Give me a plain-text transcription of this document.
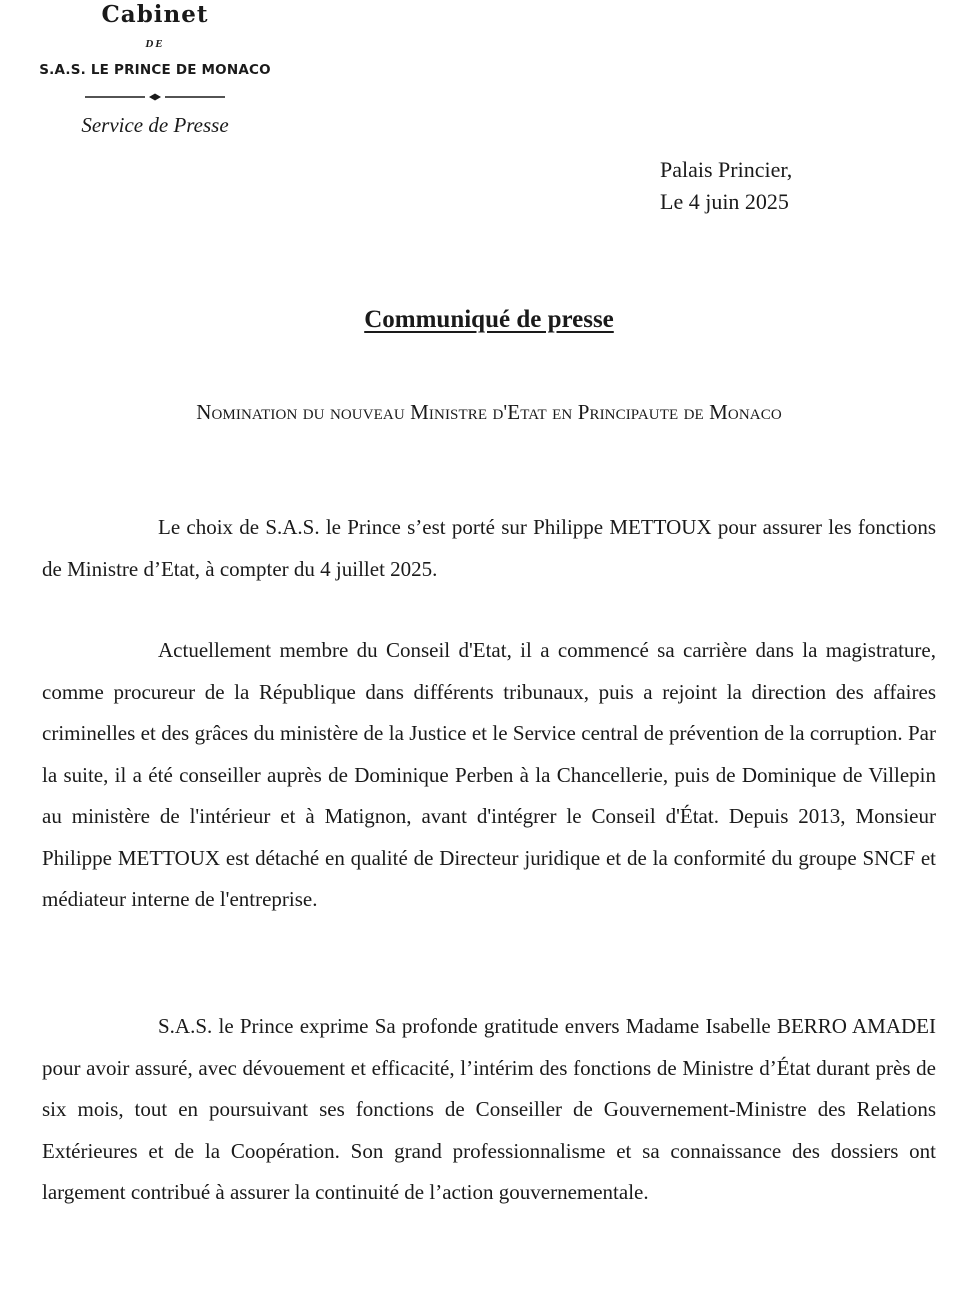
Cabinet
DE
S.A.S. LE PRINCE DE MONACO
Service de Presse
Palais Princier,
Le 4 juin 2025
Communiqué de presse
Nomination du nouveau Ministre d'Etat en Principaute de Monaco

Le choix de S.A.S. le Prince s’est porté sur Philippe METTOUX pour assurer les fonctions de Ministre d’Etat, à compter du 4 juillet 2025.

Actuellement membre du Conseil d'Etat, il a commencé sa carrière dans la magistrature, comme procureur de la République dans différents tribunaux, puis a rejoint la direction des affaires criminelles et des grâces du ministère de la Justice et le Service central de prévention de la corruption. Par la suite, il a été conseiller auprès de Dominique Perben à la Chancellerie, puis de Dominique de Villepin au ministère de l'intérieur et à Matignon, avant d'intégrer le Conseil d'État. Depuis 2013, Monsieur Philippe METTOUX est détaché en qualité de Directeur juridique et de la conformité du groupe SNCF et médiateur interne de l'entreprise.

S.A.S. le Prince exprime Sa profonde gratitude envers Madame Isabelle BERRO AMADEI pour avoir assuré, avec dévouement et efficacité, l’intérim des fonctions de Ministre d’État durant près de six mois, tout en poursuivant ses fonctions de Conseiller de Gouvernement-Ministre des Relations Extérieures et de la Coopération. Son grand professionnalisme et sa connaissance des dossiers ont largement contribué à assurer la continuité de l’action gouvernementale.
